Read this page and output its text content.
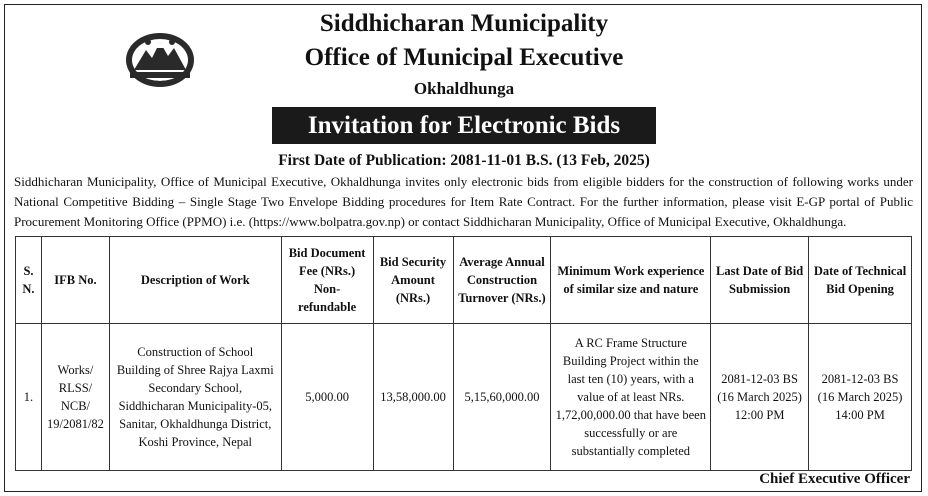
Siddhicharan Municipality
Office of Municipal Executive
Okhaldhunga
Invitation for Electronic Bids
First Date of Publication: 2081-11-01 B.S. (13 Feb, 2025)
Siddhicharan Municipality, Office of Municipal Executive, Okhaldhunga invites only electronic bids from eligible bidders for the construction of following works under National Competitive Bidding – Single Stage Two Envelope Bidding procedures for Item Rate Contract. For the further information, please visit E-GP portal of Public Procurement Monitoring Office (PPMO) i.e. (https://www.bolpatra.gov.np) or contact Siddhicharan Municipality, Office of Municipal Executive, Okhaldhunga.
S. N.	IFB No.	Description of Work	Bid Document Fee (NRs.) Non-refundable	Bid Security Amount (NRs.)	Average Annual Construction Turnover (NRs.)	Minimum Work experience of similar size and nature	Last Date of Bid Submission	Date of Technical Bid Opening
1.	Works/ RLSS/ NCB/ 19/2081/82	Construction of School Building of Shree Rajya Laxmi Secondary School, Siddhicharan Municipality-05, Sanitar, Okhaldhunga District, Koshi Province, Nepal	5,000.00	13,58,000.00	5,15,60,000.00	A RC Frame Structure Building Project within the last ten (10) years, with a value of at least NRs. 1,72,00,000.00 that have been successfully or are substantially completed	2081-12-03 BS (16 March 2025) 12:00 PM	2081-12-03 BS (16 March 2025) 14:00 PM
Chief Executive Officer
